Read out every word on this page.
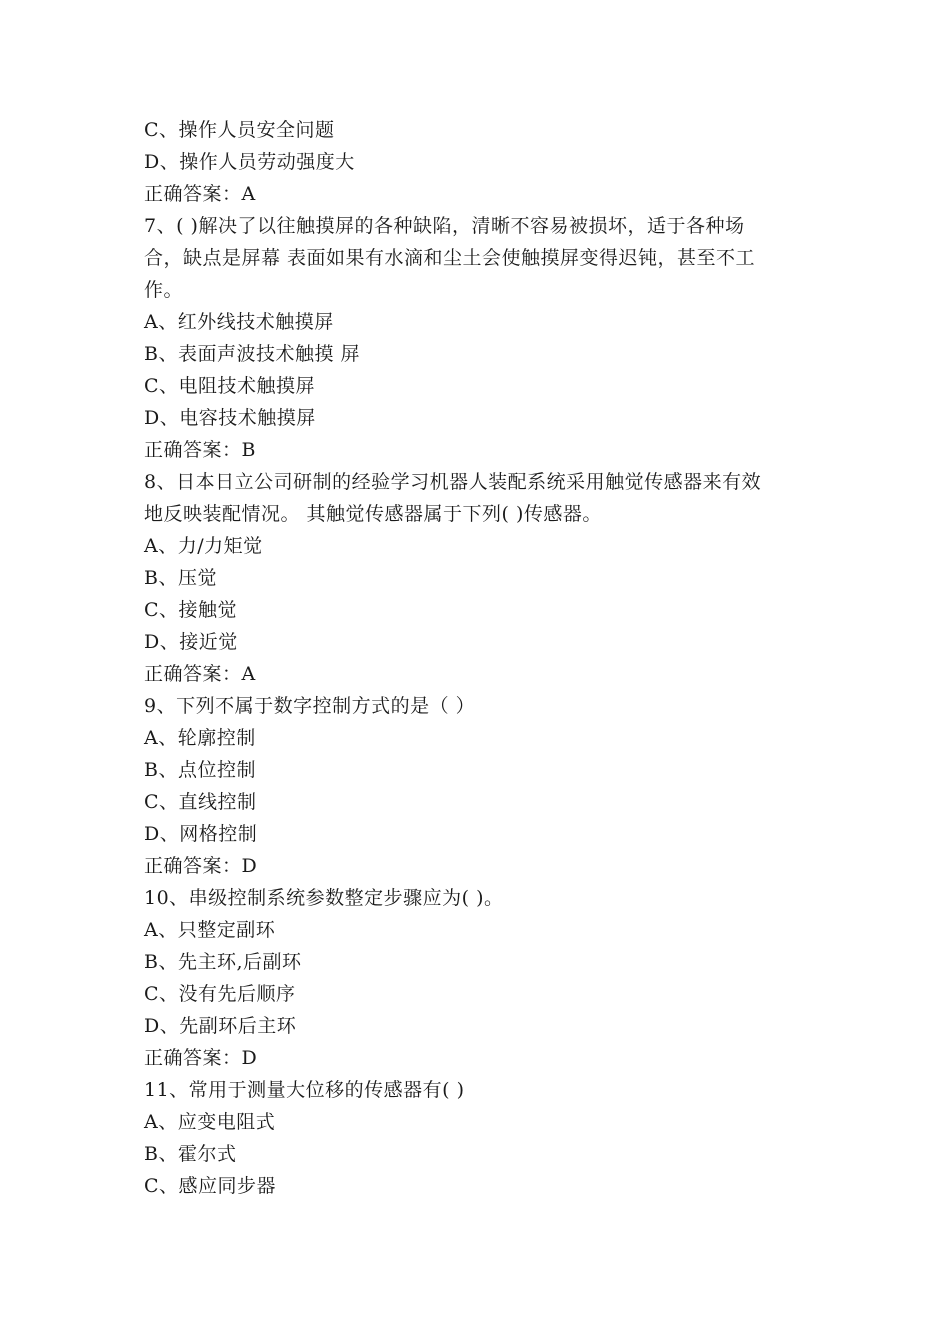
C、操作人员安全问题
D、操作人员劳动强度大
正确答案：A
7、( )解决了以往触摸屏的各种缺陷，清晰不容易被损坏，适于各种场
合，缺点是屏幕 表面如果有水滴和尘土会使触摸屏变得迟钝，甚至不工
作。
A、红外线技术触摸屏
B、表面声波技术触摸 屏
C、电阻技术触摸屏
D、电容技术触摸屏
正确答案：B
8、日本日立公司研制的经验学习机器人装配系统采用触觉传感器来有效
地反映装配情况。 其触觉传感器属于下列( )传感器。
A、力/力矩觉
B、压觉
C、接触觉
D、接近觉
正确答案：A
9、下列不属于数字控制方式的是（ ）
A、轮廓控制
B、点位控制
C、直线控制
D、网格控制
正确答案：D
10、串级控制系统参数整定步骤应为( )。
A、只整定副环
B、先主环,后副环
C、没有先后顺序
D、先副环后主环
正确答案：D
11、常用于测量大位移的传感器有( )
A、应变电阻式
B、霍尔式
C、感应同步器
